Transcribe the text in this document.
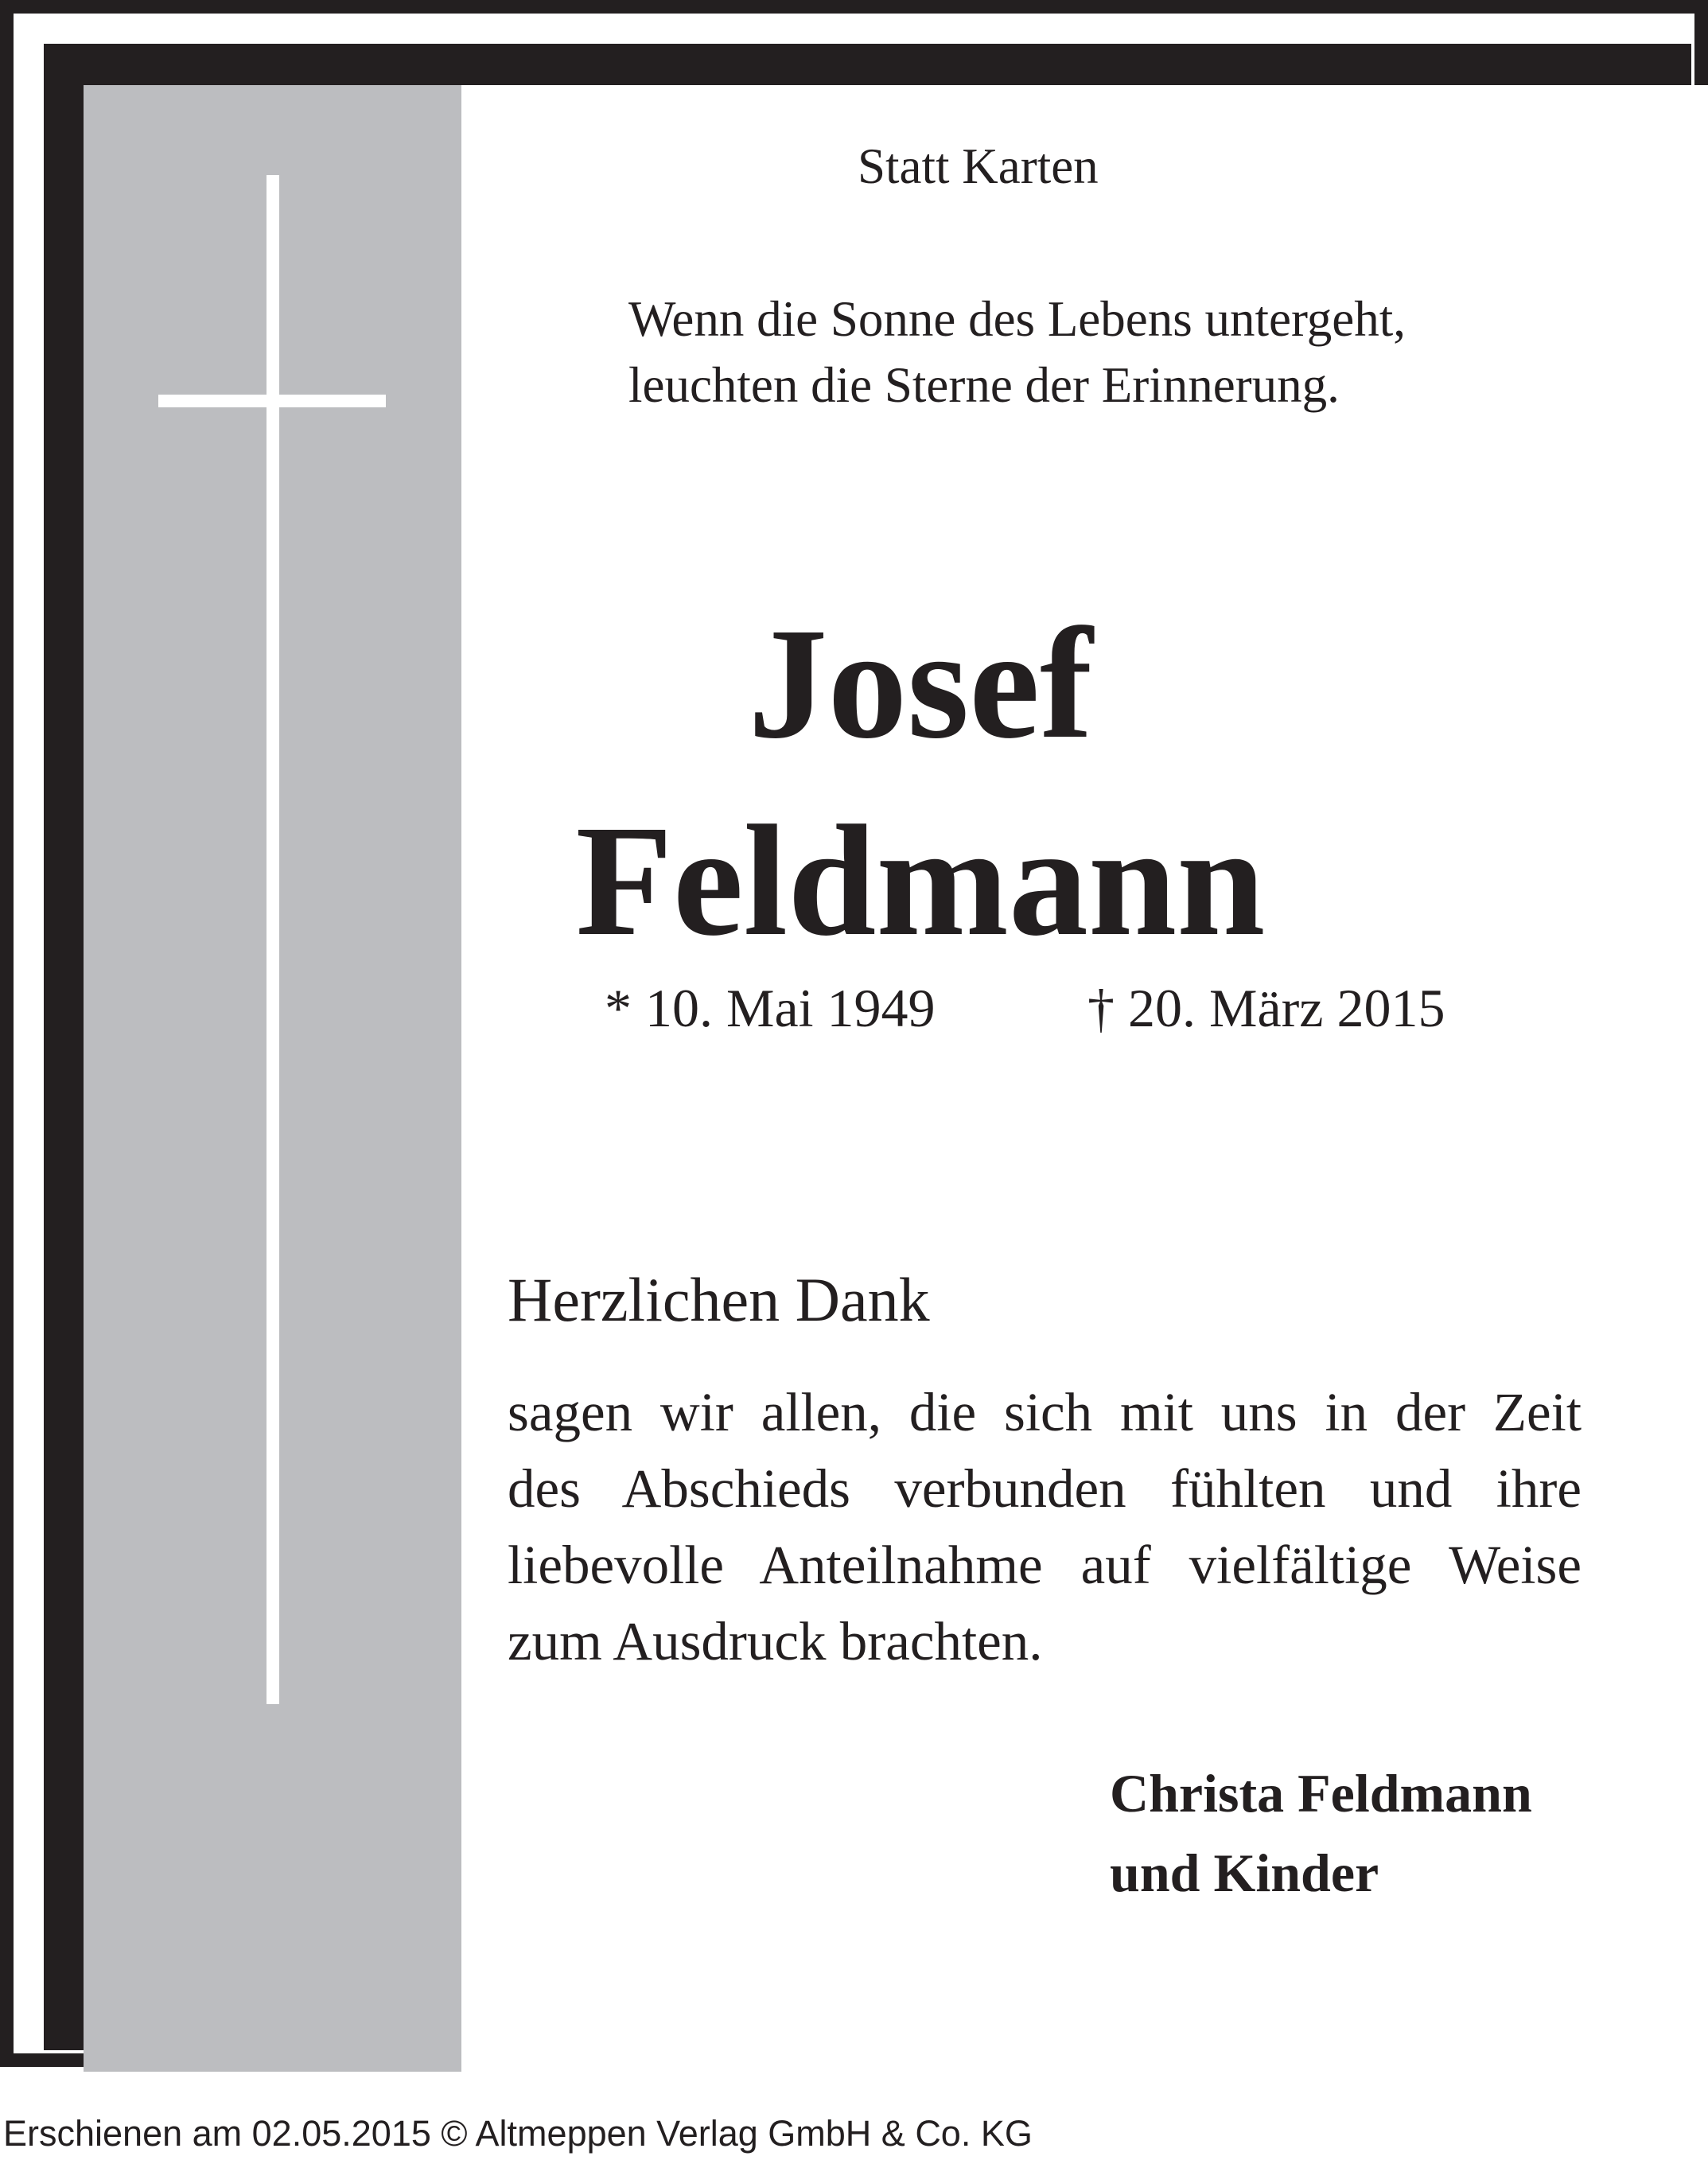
Statt Karten
Wenn die Sonne des Lebens untergeht,
leuchten die Sterne der Erinnerung.
Josef
Feldmann
* 10. Mai 1949	† 20. März 2015
Herzlichen Dank
sagen wir allen, die sich mit uns in der Zeit
des Abschieds verbunden fühlten und ihre
liebevolle Anteilnahme auf vielfältige Weise
zum Ausdruck brachten.
Christa Feldmann
und Kinder
Erschienen am 02.05.2015 © Altmeppen Verlag GmbH & Co. KG
